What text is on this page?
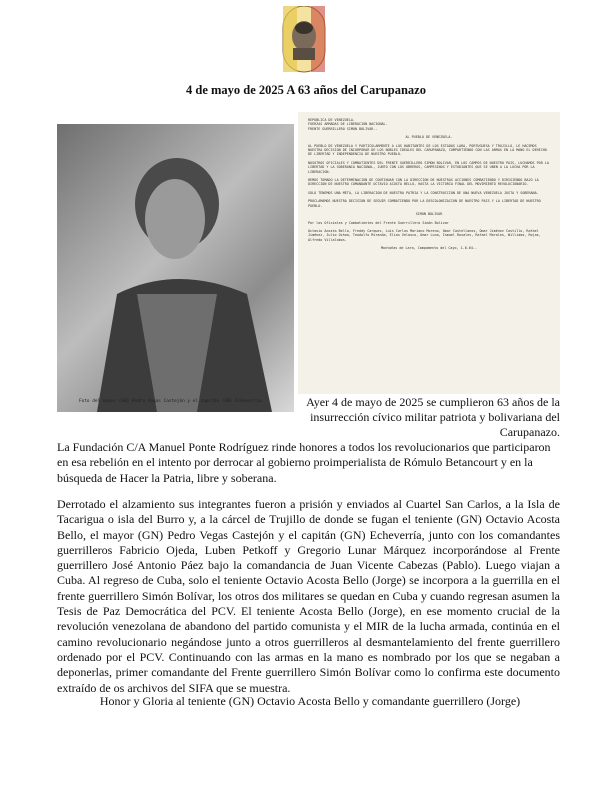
4 de mayo de 2025 A 63 años del Carupanazo
Foto del mayor (GN) Pedro Vegas Castejón y el capitán (GN) Echeverría.

REPUBLICA DE VENEZUELA.
FUERZAS ARMADAS DE LIBERACION NACIONAL.
FRENTE GUERRILLERO SIMON BOLIVAR.-

AL PUEBLO DE VENEZUELA.

AL PUEBLO DE VENEZUELA Y PARTICULARMENTE A LOS HABITANTES DE LOS ESTADOS LARA, PORTUGUESA Y TRUJILLO, LE HACEMOS NUESTRA DECISION DE INCORPORAR DE LOS NOBLES IDEALES DEL CARUPANAZO, COMPARTIENDO CON LAS ARMAS EN LA MANO EL DERECHO DE LIBERTAD Y INDEPENDENCIA DE NUESTRO PUEBLO.

NOSOTROS OFICIALES Y COMBATIENTES DEL FRENTE GUERRILLERO SIMON BOLIVAR, EN LOS CAMPOS DE NUESTRO PAIS, LUCHAMOS POR LA LIBERTAD Y LA SOBERANIA NACIONAL, JUNTO CON LOS OBREROS, CAMPESINOS Y ESTUDIANTES QUE SE UNEN A LA LUCHA POR LA LIBERACION.

HEMOS TOMADO LA DETERMINACION DE CONTINUAR CON LA DIRECCION DE NUESTRAS ACCIONES COMBATIENDO Y DIRIGIENDO BAJO LA DIRECCION DE NUESTRO COMANDANTE OCTAVIO ACOSTA BELLO, HASTA LA VICTORIA FINAL DEL MOVIMIENTO REVOLUCIONARIO.

SOLO TENEMOS UNA META, LA LIBERACION DE NUESTRA PATRIA Y LA CONSTRUCCION DE UNA NUEVA VENEZUELA JUSTA Y SOBERANA.

PROCLAMAMOS NUESTRA DECISION DE SEGUIR COMBATIENDO POR LA DESCOLONIZACION DE NUESTRO PAIS Y LA LIBERTAD DE NUESTRO PUEBLO.

SIMON BOLIVAR

Por los Oficiales y Combatientes del Frente Guerrillero Simón Bolívar

Octavio Acosta Bello, Freddy Carquez, Luis Carlos Mariano Moreno, Omar Castellanos, Omar Jiménez Castillo, Rafael Jiménez, Julio Ochoa, Teodolfo Miranda, Elías Velasco, Omar Luna, Ismael Rosales, Rafael Morales, Williams, Rojas, Alfredo Villalobos.

Montañas de Lara, Campamento del Cayo, 1-6-64.-

Ayer 4 de mayo de 2025 se cumplieron 63 años de la insurrección cívico militar patriota y bolivariana del Carupanazo.
La Fundación C/A Manuel Ponte Rodríguez rinde honores a todos los revolucionarios que participaron en esa rebelión en el intento por derrocar al gobierno proimperialista de Rómulo Betancourt y en la búsqueda de Hacer la Patria, libre y soberana.
Derrotado el alzamiento sus integrantes fueron a prisión y enviados al Cuartel San Carlos, a la Isla de Tacarigua o isla del Burro y, a la cárcel de Trujillo de donde se fugan el teniente (GN) Octavio Acosta Bello, el mayor (GN) Pedro Vegas Castejón y el capitán (GN) Echeverría, junto con los comandantes guerrilleros Fabricio Ojeda, Luben Petkoff y Gregorio Lunar Márquez incorporándose al Frente guerrillero José Antonio Páez bajo la comandancia de Juan Vicente Cabezas (Pablo). Luego viajan a Cuba. Al regreso de Cuba, solo el teniente Octavio Acosta Bello (Jorge) se incorpora a la guerrilla en el frente guerrillero Simón Bolívar, los otros dos militares se quedan en Cuba y cuando regresan asumen la Tesis de Paz Democrática del PCV. El teniente Acosta Bello (Jorge), en ese momento crucial de la revolución venezolana de abandono del partido comunista y el MIR de la lucha armada, continúa en el camino revolucionario negándose junto a otros guerrilleros al desmantelamiento del frente guerrillero ordenado por el PCV. Continuando con las armas en la mano es nombrado por los que se negaban a deponerlas, primer comandante del Frente guerrillero Simón Bolívar como lo confirma este documento extraído de os archivos del SIFA que se muestra.
Honor y Gloria al teniente (GN) Octavio Acosta Bello y comandante guerrillero (Jorge)
